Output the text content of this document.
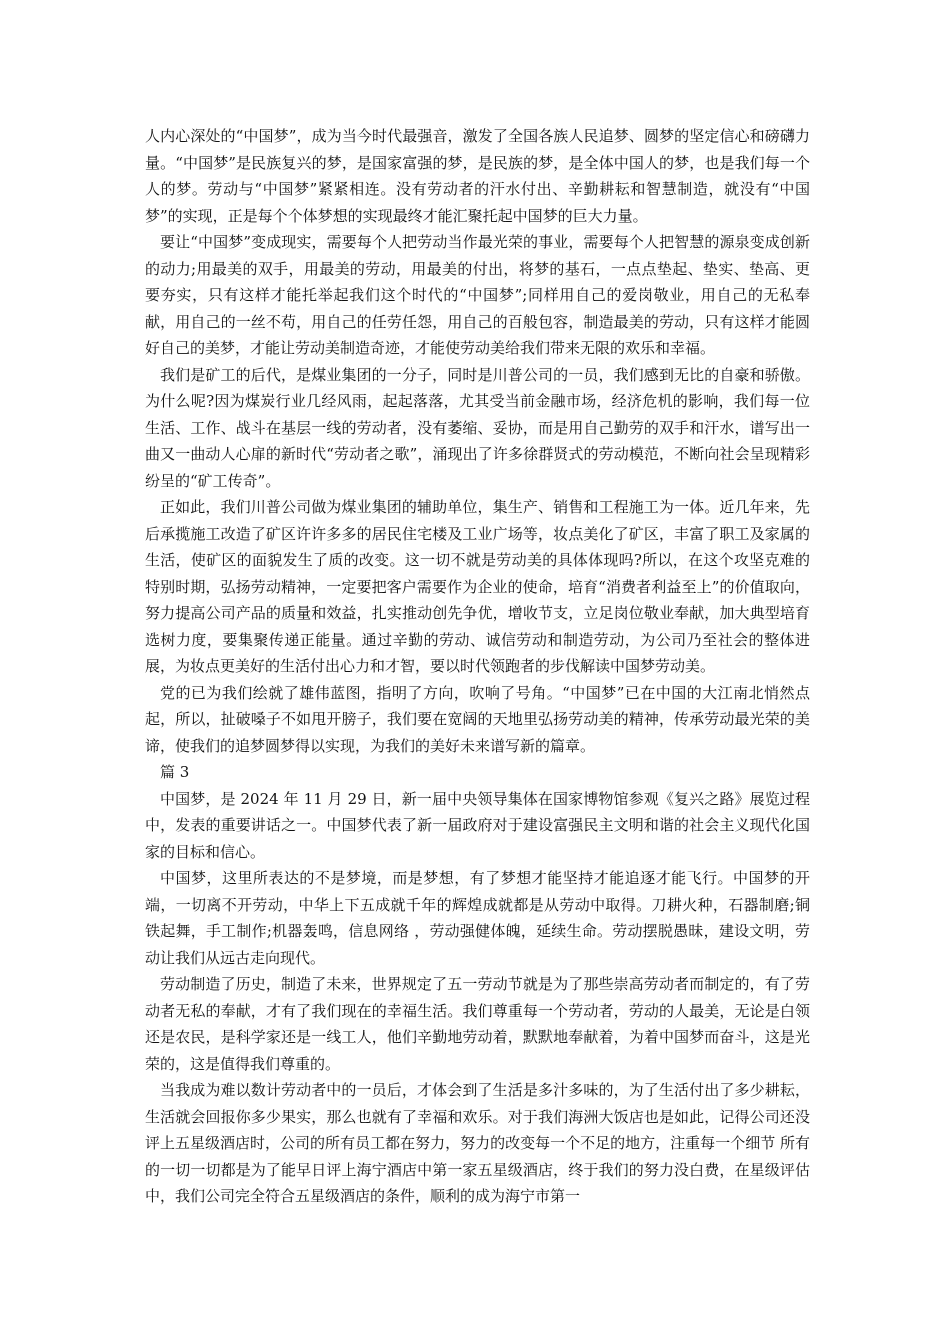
人内心深处的“中国梦”，成为当今时代最强音，激发了全国各族人民追梦、圆梦的坚定信心和磅礴力量。“中国梦”是民族复兴的梦，是国家富强的梦，是民族的梦，是全体中国人的梦，也是我们每一个人的梦。劳动与“中国梦”紧紧相连。没有劳动者的汗水付出、辛勤耕耘和智慧制造，就没有“中国梦”的实现，正是每个个体梦想的实现最终才能汇聚托起中国梦的巨大力量。

要让“中国梦”变成现实，需要每个人把劳动当作最光荣的事业，需要每个人把智慧的源泉变成创新的动力;用最美的双手，用最美的劳动，用最美的付出，将梦的基石，一点点垫起、垫实、垫高、更要夯实，只有这样才能托举起我们这个时代的“中国梦”;同样用自己的爱岗敬业，用自己的无私奉献，用自己的一丝不苟，用自己的任劳任怨，用自己的百般包容，制造最美的劳动，只有这样才能圆好自己的美梦，才能让劳动美制造奇迹，才能使劳动美给我们带来无限的欢乐和幸福。

我们是矿工的后代，是煤业集团的一分子，同时是川普公司的一员，我们感到无比的自豪和骄傲。为什么呢?因为煤炭行业几经风雨，起起落落，尤其受当前金融市场，经济危机的影响，我们每一位生活、工作、战斗在基层一线的劳动者，没有萎缩、妥协，而是用自己勤劳的双手和汗水，谱写出一曲又一曲动人心扉的新时代“劳动者之歌”，涌现出了许多徐群贤式的劳动模范，不断向社会呈现精彩纷呈的“矿工传奇”。

正如此，我们川普公司做为煤业集团的辅助单位，集生产、销售和工程施工为一体。近几年来，先后承揽施工改造了矿区许许多多的居民住宅楼及工业广场等，妆点美化了矿区，丰富了职工及家属的生活，使矿区的面貌发生了质的改变。这一切不就是劳动美的具体体现吗?所以，在这个攻坚克难的特别时期，弘扬劳动精神，一定要把客户需要作为企业的使命，培育“消费者利益至上”的价值取向，努力提高公司产品的质量和效益，扎实推动创先争优，增收节支，立足岗位敬业奉献，加大典型培育选树力度，要集聚传递正能量。通过辛勤的劳动、诚信劳动和制造劳动，为公司乃至社会的整体进展，为妆点更美好的生活付出心力和才智，要以时代领跑者的步伐解读中国梦劳动美。

党的已为我们绘就了雄伟蓝图，指明了方向，吹响了号角。“中国梦”已在中国的大江南北悄然点起，所以，扯破嗓子不如甩开膀子，我们要在宽阔的天地里弘扬劳动美的精神，传承劳动最光荣的美谛，使我们的追梦圆梦得以实现，为我们的美好未来谱写新的篇章。

篇 3

中国梦，是 2024 年 11 月 29 日，新一届中央领导集体在国家博物馆参观《复兴之路》展览过程中，发表的重要讲话之一。中国梦代表了新一届政府对于建设富强民主文明和谐的社会主义现代化国家的目标和信心。

中国梦，这里所表达的不是梦境，而是梦想，有了梦想才能坚持才能追逐才能飞行。中国梦的开端，一切离不开劳动，中华上下五成就千年的辉煌成就都是从劳动中取得。刀耕火种，石器制磨;铜铁起舞，手工制作;机器轰鸣，信息网络 ，劳动强健体魄，延续生命。劳动摆脱愚昧，建设文明，劳动让我们从远古走向现代。

劳动制造了历史，制造了未来，世界规定了五一劳动节就是为了那些崇高劳动者而制定的，有了劳动者无私的奉献，才有了我们现在的幸福生活。我们尊重每一个劳动者，劳动的人最美，无论是白领还是农民，是科学家还是一线工人，他们辛勤地劳动着，默默地奉献着，为着中国梦而奋斗，这是光荣的，这是值得我们尊重的。

当我成为难以数计劳动者中的一员后，才体会到了生活是多汁多味的，为了生活付出了多少耕耘，生活就会回报你多少果实，那么也就有了幸福和欢乐。对于我们海洲大饭店也是如此，记得公司还没评上五星级酒店时，公司的所有员工都在努力，努力的改变每一个不足的地方，注重每一个细节 所有的一切一切都是为了能早日评上海宁酒店中第一家五星级酒店，终于我们的努力没白费，在星级评估中，我们公司完全符合五星级酒店的条件，顺利的成为海宁市第一
